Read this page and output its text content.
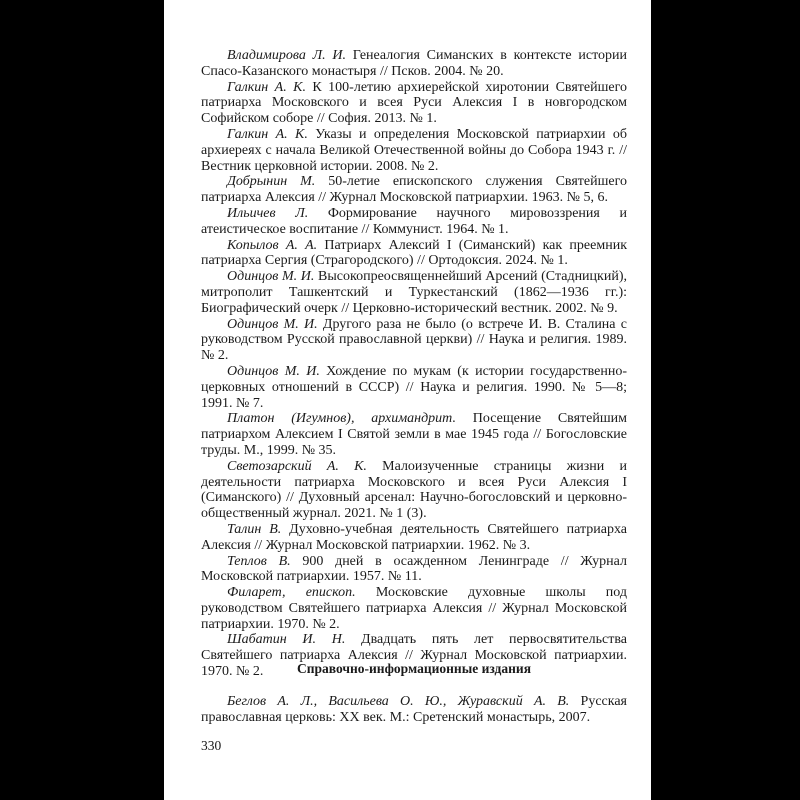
Владимирова Л. И. Генеалогия Симанских в контексте истории Спасо-Казанского монастыря // Псков. 2004. № 20.

Галкин А. К. К 100-летию архиерейской хиротонии Святейшего патриарха Московского и всея Руси Алексия I в новгородском Софийском соборе // София. 2013. № 1.

Галкин А. К. Указы и определения Московской патриархии об архиереях с начала Великой Отечественной войны до Собора 1943 г. // Вестник церковной истории. 2008. № 2.

Добрынин М. 50-летие епископского служения Святейшего патриарха Алексия // Журнал Московской патриархии. 1963. № 5, 6.

Ильичев Л. Формирование научного мировоззрения и атеистическое воспитание // Коммунист. 1964. № 1.

Копылов А. А. Патриарх Алексий I (Симанский) как преемник патриарха Сергия (Страгородского) // Ортодоксия. 2024. № 1.

Одинцов М. И. Высокопреосвященнейший Арсений (Стадницкий), митрополит Ташкентский и Туркестанский (1862—1936 гг.): Биографический очерк // Церковно-исторический вестник. 2002. № 9.

Одинцов М. И. Другого раза не было (о встрече И. В. Сталина с руководством Русской православной церкви) // Наука и религия. 1989. № 2.

Одинцов М. И. Хождение по мукам (к истории государственно-церковных отношений в СССР) // Наука и религия. 1990. № 5—8; 1991. № 7.

Платон (Игумнов), архимандрит. Посещение Святейшим патриархом Алексием I Святой земли в мае 1945 года // Богословские труды. М., 1999. № 35.

Светозарский А. К. Малоизученные страницы жизни и деятельности патриарха Московского и всея Руси Алексия I (Симанского) // Духовный арсенал: Научно-богословский и церковно-общественный журнал. 2021. № 1 (3).

Талин В. Духовно-учебная деятельность Святейшего патриарха Алексия // Журнал Московской патриархии. 1962. № 3.

Теплов В. 900 дней в осажденном Ленинграде // Журнал Московской патриархии. 1957. № 11.

Филарет, епископ. Московские духовные школы под руководством Святейшего патриарха Алексия // Журнал Московской патриархии. 1970. № 2.

Шабатин И. Н. Двадцать пять лет первосвятительства Святейшего патриарха Алексия // Журнал Московской патриархии. 1970. № 2.	Справочно-информационные издания

Беглов А. Л., Васильева О. Ю., Журавский А. В. Русская православная церковь: XX век. М.: Сретенский монастырь, 2007.

330
